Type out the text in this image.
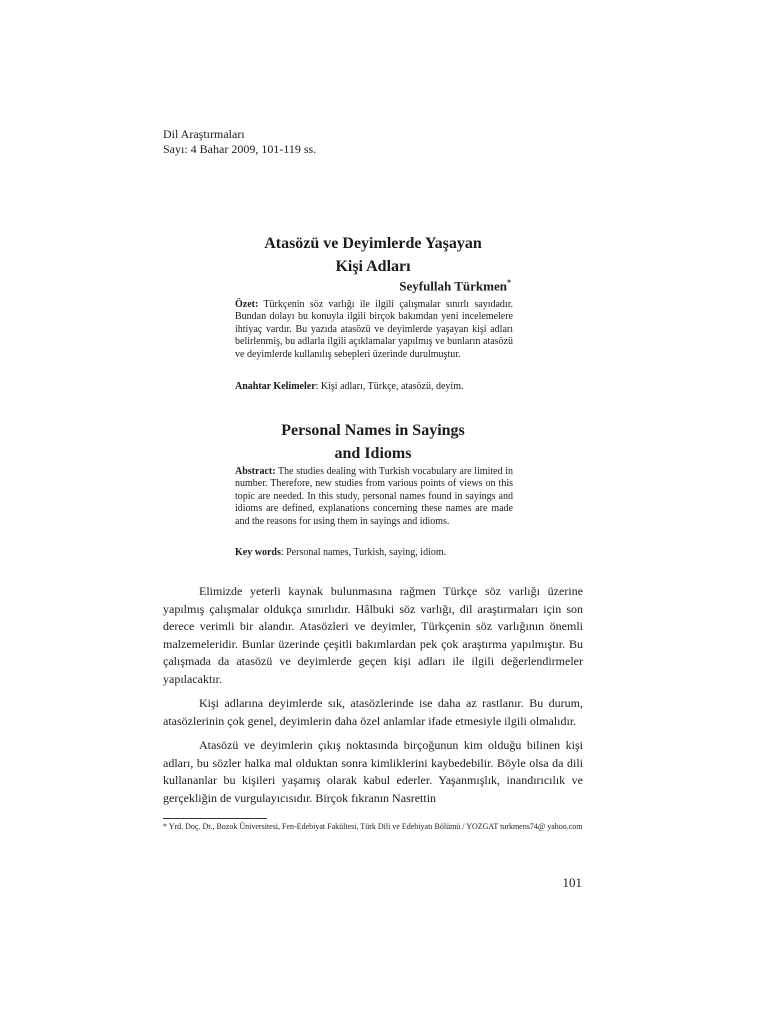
Dil Araştırmaları
Sayı: 4 Bahar 2009, 101-119 ss.
Atasözü ve Deyimlerde Yaşayan
Kişi Adları
Seyfullah Türkmen*
Özet: Türkçenin söz varlığı ile ilgili çalışmalar sınırlı sayıdadır. Bundan dolayı bu konuyla ilgili birçok bakımdan yeni incelemelere ihtiyaç vardır. Bu yazıda atasözü ve deyimlerde yaşayan kişi adları belirlenmiş, bu adlarla ilgili açıklamalar yapılmış ve bunların atasözü ve deyimlerde kullanılış sebepleri üzerinde durulmuştur.
Anahtar Kelimeler: Kişi adları, Türkçe, atasözü, deyim.
Personal Names in Sayings
and Idioms
Abstract: The studies dealing with Turkish vocabulary are limited in number. Therefore, new studies from various points of views on this topic are needed. In this study, personal names found in sayings and idioms are defined, explanations concerning these names are made and the reasons for using them in sayings and idioms.
Key words: Personal names, Turkish, saying, idiom.

Elimizde yeterli kaynak bulunmasına rağmen Türkçe söz varlığı üzerine yapılmış çalışmalar oldukça sınırlıdır. Hâlbuki söz varlığı, dil araştırmaları için son derece verimli bir alandır. Atasözleri ve deyimler, Türkçenin söz varlığının önemli malzemeleridir. Bunlar üzerinde çeşitli bakımlardan pek çok araştırma yapılmıştır. Bu çalışmada da atasözü ve deyimlerde geçen kişi adları ile ilgili değerlendirmeler yapılacaktır.

Kişi adlarına deyimlerde sık, atasözlerinde ise daha az rastlanır. Bu durum, atasözlerinin çok genel, deyimlerin daha özel anlamlar ifade etmesiyle ilgili olmalıdır.

Atasözü ve deyimlerin çıkış noktasında birçoğunun kim olduğu bilinen kişi adları, bu sözler halka mal olduktan sonra kimliklerini kaybedebilir. Böyle olsa da dili kullananlar bu kişileri yaşamış olarak kabul ederler. Yaşanmışlık, inandırıcılık ve gerçekliğin de vurgulayıcısıdır. Birçok fıkranın Nasrettin

* Yrd. Doç. Dr., Bozok Üniversitesi, Fen-Edebiyat Fakültesi, Türk Dili ve Edebiyatı Bölümü / YOZGAT turkmens74@ yahoo.com
101
